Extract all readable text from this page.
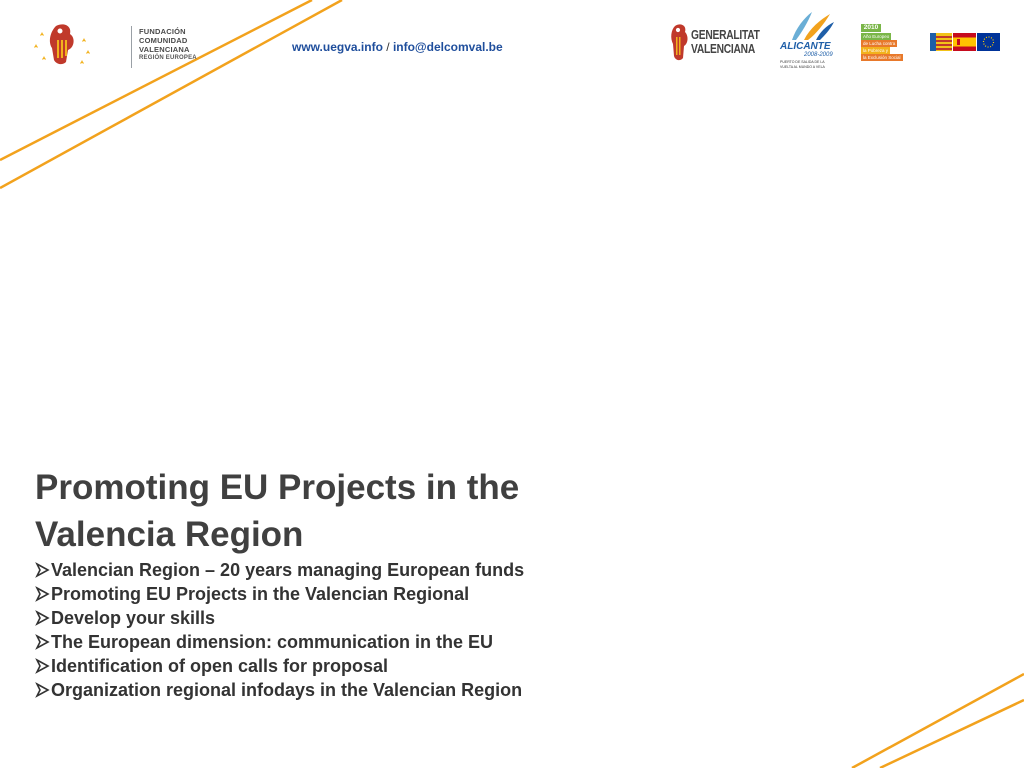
FUNDACIÓN
COMUNIDAD
VALENCIANA
REGIÓN EUROPEA
www.uegva.info / info@delcomval.be
GENERALITAT
VALENCIANA	ALICANTE
2008-2009
PUERTO DE SALIDA DE LA
VUELTA AL MUNDO A VELA
2010
Año Europeo
de Lucha contra
la Pobreza y
la Exclusión Social
Promoting EU Projects in the Valencia Region
Valencian Region – 20 years managing European funds
Promoting EU Projects in the Valencian Regional
Develop your skills
The European dimension: communication in the EU
Identification of open calls for proposal
Organization regional infodays in the Valencian Region
